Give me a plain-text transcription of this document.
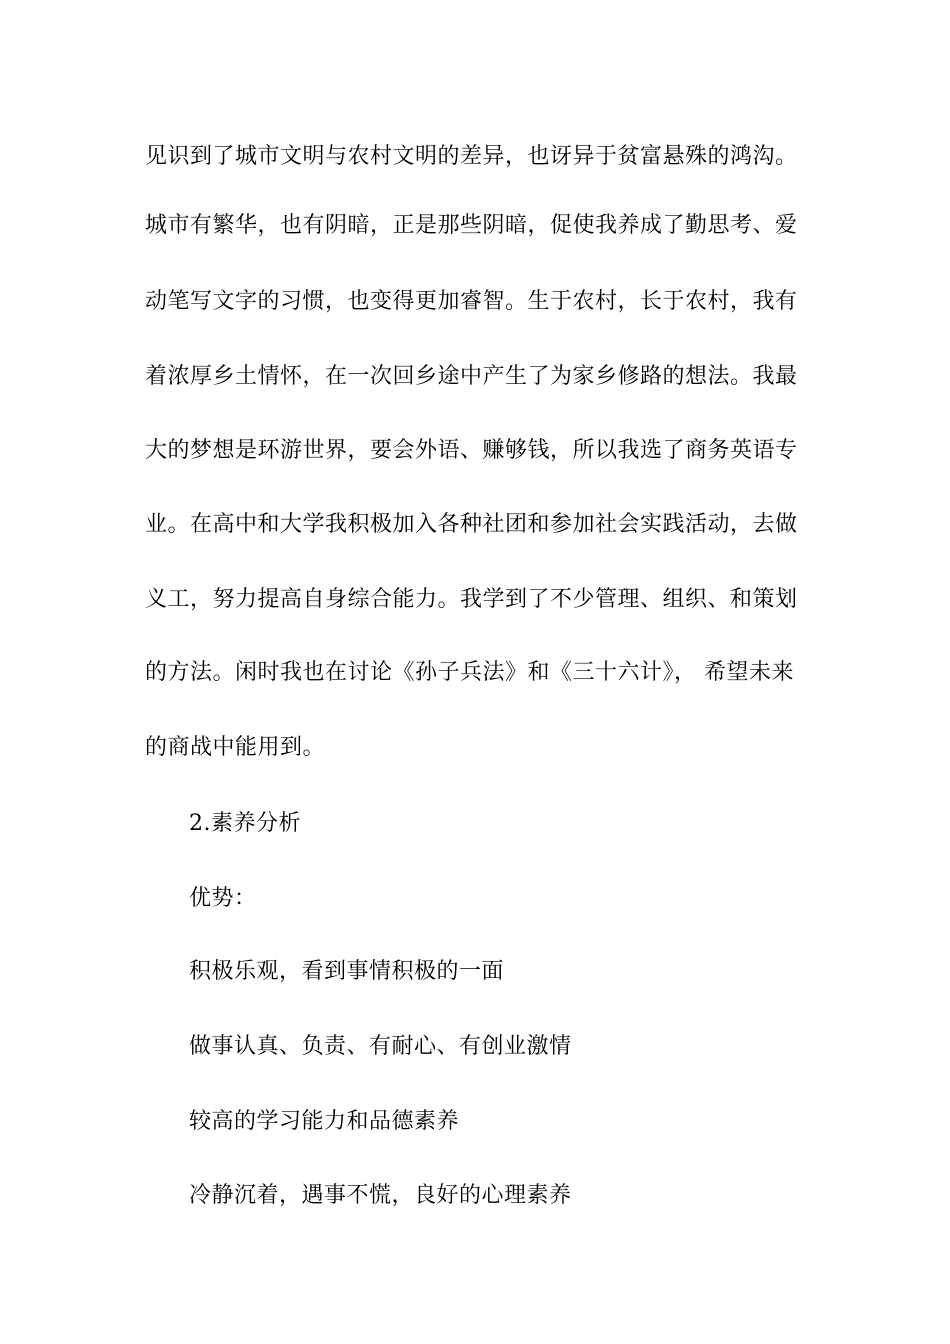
见识到了城市文明与农村文明的差异，也讶异于贫富悬殊的鸿沟。
城市有繁华，也有阴暗，正是那些阴暗，促使我养成了勤思考、爱
动笔写文字的习惯，也变得更加睿智。生于农村，长于农村，我有
着浓厚乡土情怀，在一次回乡途中产生了为家乡修路的想法。我最
大的梦想是环游世界，要会外语、赚够钱，所以我选了商务英语专
业。在高中和大学我积极加入各种社团和参加社会实践活动，去做
义工，努力提高自身综合能力。我学到了不少管理、组织、和策划
的方法。闲时我也在讨论《孙子兵法》和《三十六计》， 希望未来
的商战中能用到。
2.素养分析
优势：
积极乐观，看到事情积极的一面
做事认真、负责、有耐心、有创业激情
较高的学习能力和品德素养
冷静沉着，遇事不慌，良好的心理素养
